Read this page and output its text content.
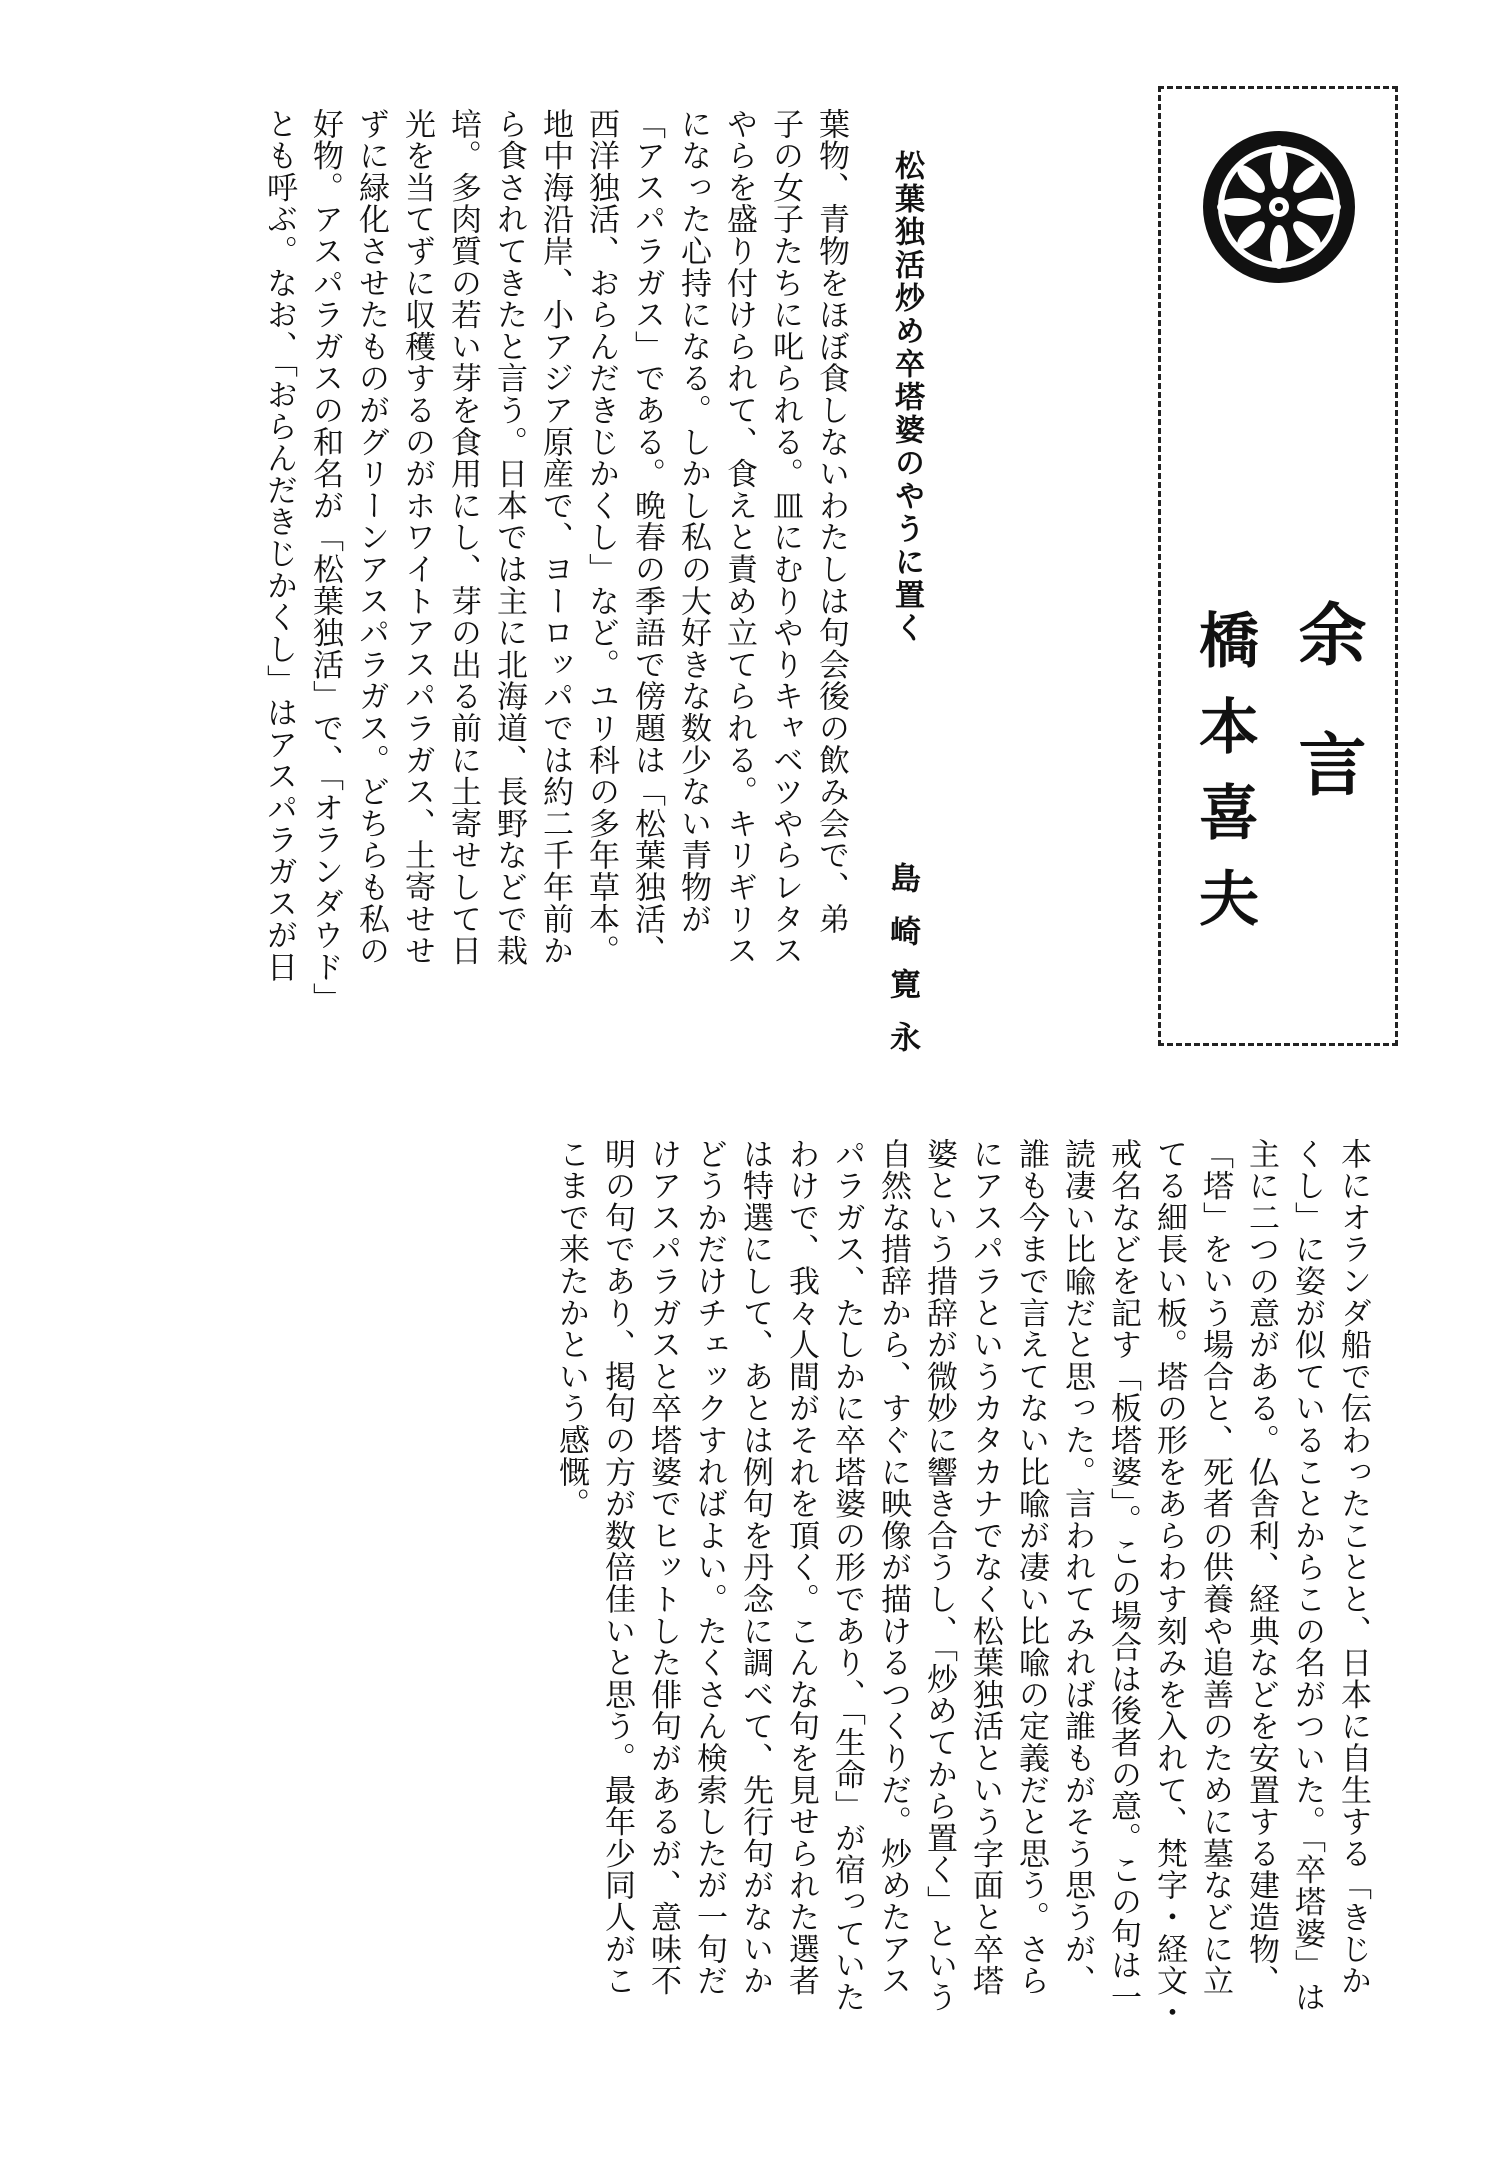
余言
橋本喜夫
松葉独活炒め卒塔婆のやうに置く
島崎寛永
葉物、青物をほぼ食しないわたしは句会後の飲み会で、弟
子の女子たちに叱られる。皿にむりやりキャベツやらレタス
やらを盛り付けられて、食えと責め立てられる。キリギリス
になった心持になる。しかし私の大好きな数少ない青物が
「アスパラガス」である。晩春の季語で傍題は「松葉独活、
西洋独活、おらんだきじかくし」など。ユリ科の多年草本。
地中海沿岸、小アジア原産で、ヨーロッパでは約二千年前か
ら食されてきたと言う。日本では主に北海道、長野などで栽
培。多肉質の若い芽を食用にし、芽の出る前に土寄せして日
光を当てずに収穫するのがホワイトアスパラガス、土寄せせ
ずに緑化させたものがグリーンアスパラガス。どちらも私の
好物。アスパラガスの和名が「松葉独活」で、「オランダウド」
とも呼ぶ。なお、「おらんだきじかくし」はアスパラガスが日
本にオランダ船で伝わったことと、日本に自生する「きじか
くし」に姿が似ていることからこの名がついた。「卒塔婆」は
主に二つの意がある。仏舎利、経典などを安置する建造物、
「塔」をいう場合と、死者の供養や追善のために墓などに立
てる細長い板。塔の形をあらわす刻みを入れて、梵字・経文・
戒名などを記す「板塔婆」。この場合は後者の意。この句は一
読凄い比喩だと思った。言われてみれば誰もがそう思うが、
誰も今まで言えてない比喩が凄い比喩の定義だと思う。さら
にアスパラというカタカナでなく松葉独活という字面と卒塔
婆という措辞が微妙に響き合うし、「炒めてから置く」という
自然な措辞から、すぐに映像が描けるつくりだ。炒めたアス
パラガス、たしかに卒塔婆の形であり、「生命」が宿っていた
わけで、我々人間がそれを頂く。こんな句を見せられた選者
は特選にして、あとは例句を丹念に調べて、先行句がないか
どうかだけチェックすればよい。たくさん検索したが一句だ
けアスパラガスと卒塔婆でヒットした俳句があるが、意味不
明の句であり、掲句の方が数倍佳いと思う。最年少同人がこ
こまで来たかという感慨。
